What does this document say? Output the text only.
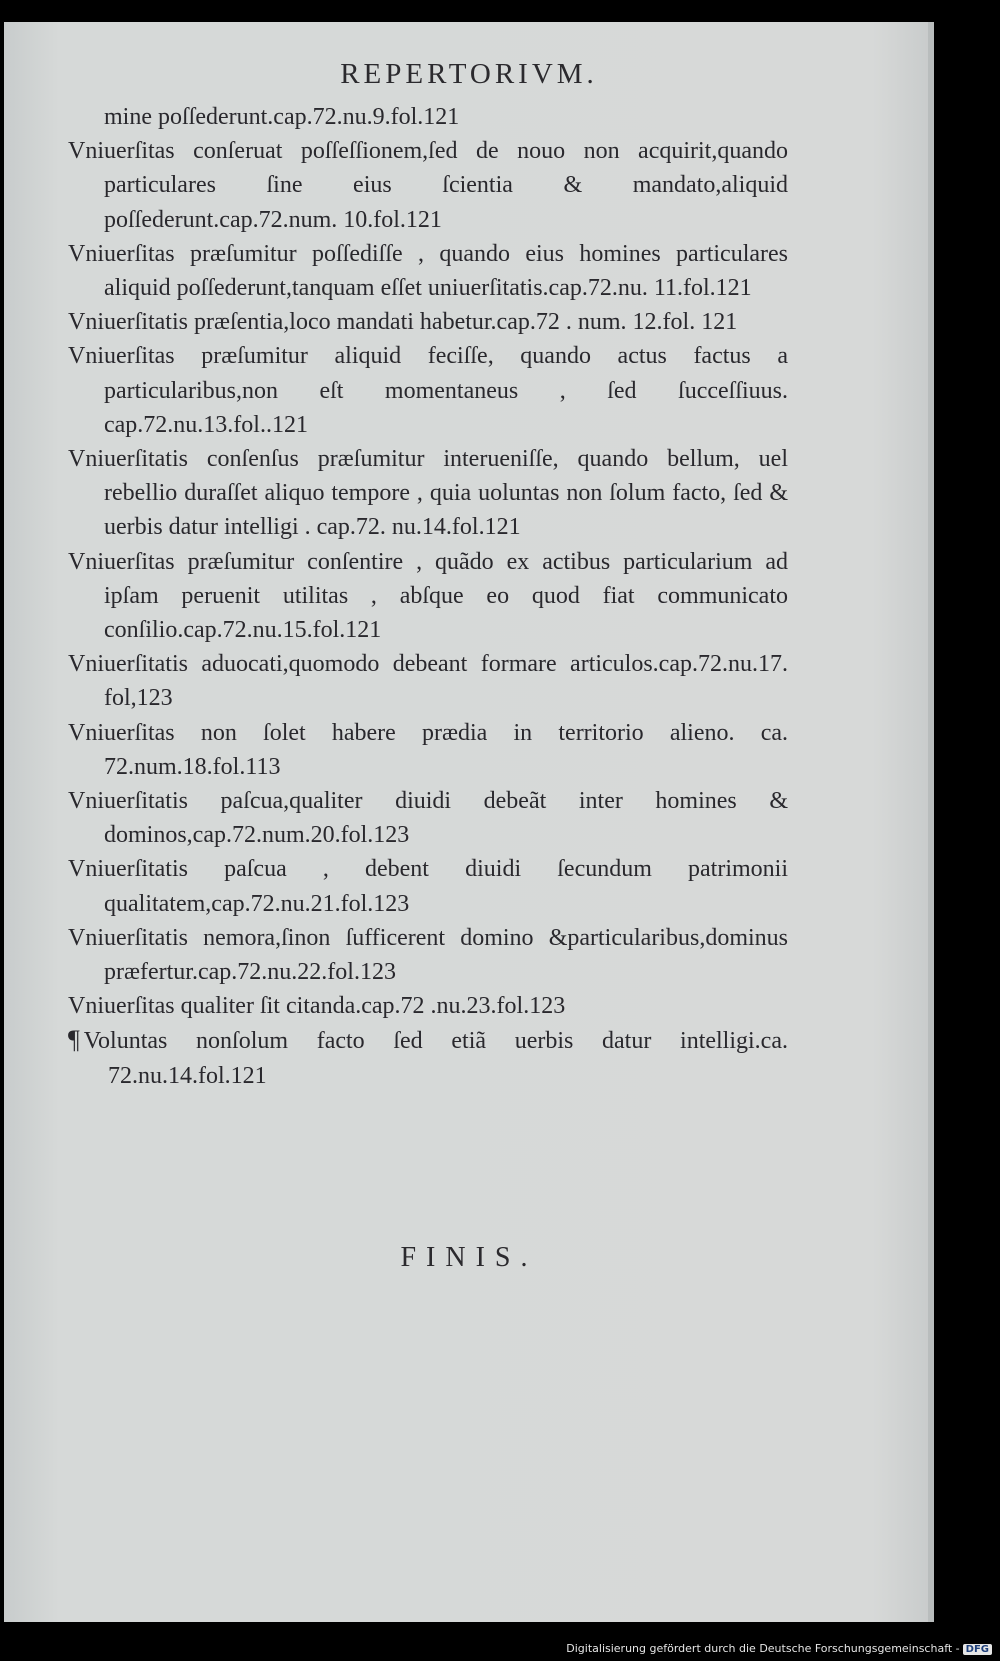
REPERTORIVM.
mine poſſederunt.cap.72.nu.9.fol.121
Vniuerſitas conſeruat poſſeſſionem,ſed de nouo non acquirit,quando particulares ſine eius ſcientia & mandato,aliquid poſſederunt.cap.72.num. 10.fol.121
Vniuerſitas præſumitur poſſediſſe , quando eius homines particulares aliquid poſſederunt,tanquam eſſet uniuerſitatis.cap.72.nu. 11.fol.121
Vniuerſitatis præſentia,loco mandati habetur.cap.72 . num. 12.fol. 121
Vniuerſitas præſumitur aliquid feciſſe, quando actus factus a particularibus,non eſt momentaneus , ſed ſucceſſiuus. cap.72.nu.13.fol..121
Vniuerſitatis conſenſus præſumitur interueniſſe, quando bellum, uel rebellio duraſſet aliquo tempore , quia uoluntas non ſolum facto, ſed & uerbis datur intelligi . cap.72. nu.14.fol.121
Vniuerſitas præſumitur conſentire , quãdo ex actibus particularium ad ipſam peruenit utilitas , abſque eo quod fiat communicato conſilio.cap.72.nu.15.fol.121
Vniuerſitatis aduocati,quomodo debeant formare articulos.cap.72.nu.17. fol,123
Vniuerſitas non ſolet habere prædia in territorio alieno. ca. 72.num.18.fol.113
Vniuerſitatis paſcua,qualiter diuidi debeãt inter homines & dominos,cap.72.num.20.fol.123
Vniuerſitatis paſcua , debent diuidi ſecundum patrimonii qualitatem,cap.72.nu.21.fol.123
Vniuerſitatis nemora,ſinon ſufficerent domino &particularibus,dominus præfertur.cap.72.nu.22.fol.123
Vniuerſitas qualiter ſit citanda.cap.72 .nu.23.fol.123
¶ Voluntas nonſolum facto ſed etiã uerbis datur intelligi.ca. 72.nu.14.fol.121
FINIS.
Digitalisierung gefördert durch die Deutsche Forschungsgemeinschaft - DFG
